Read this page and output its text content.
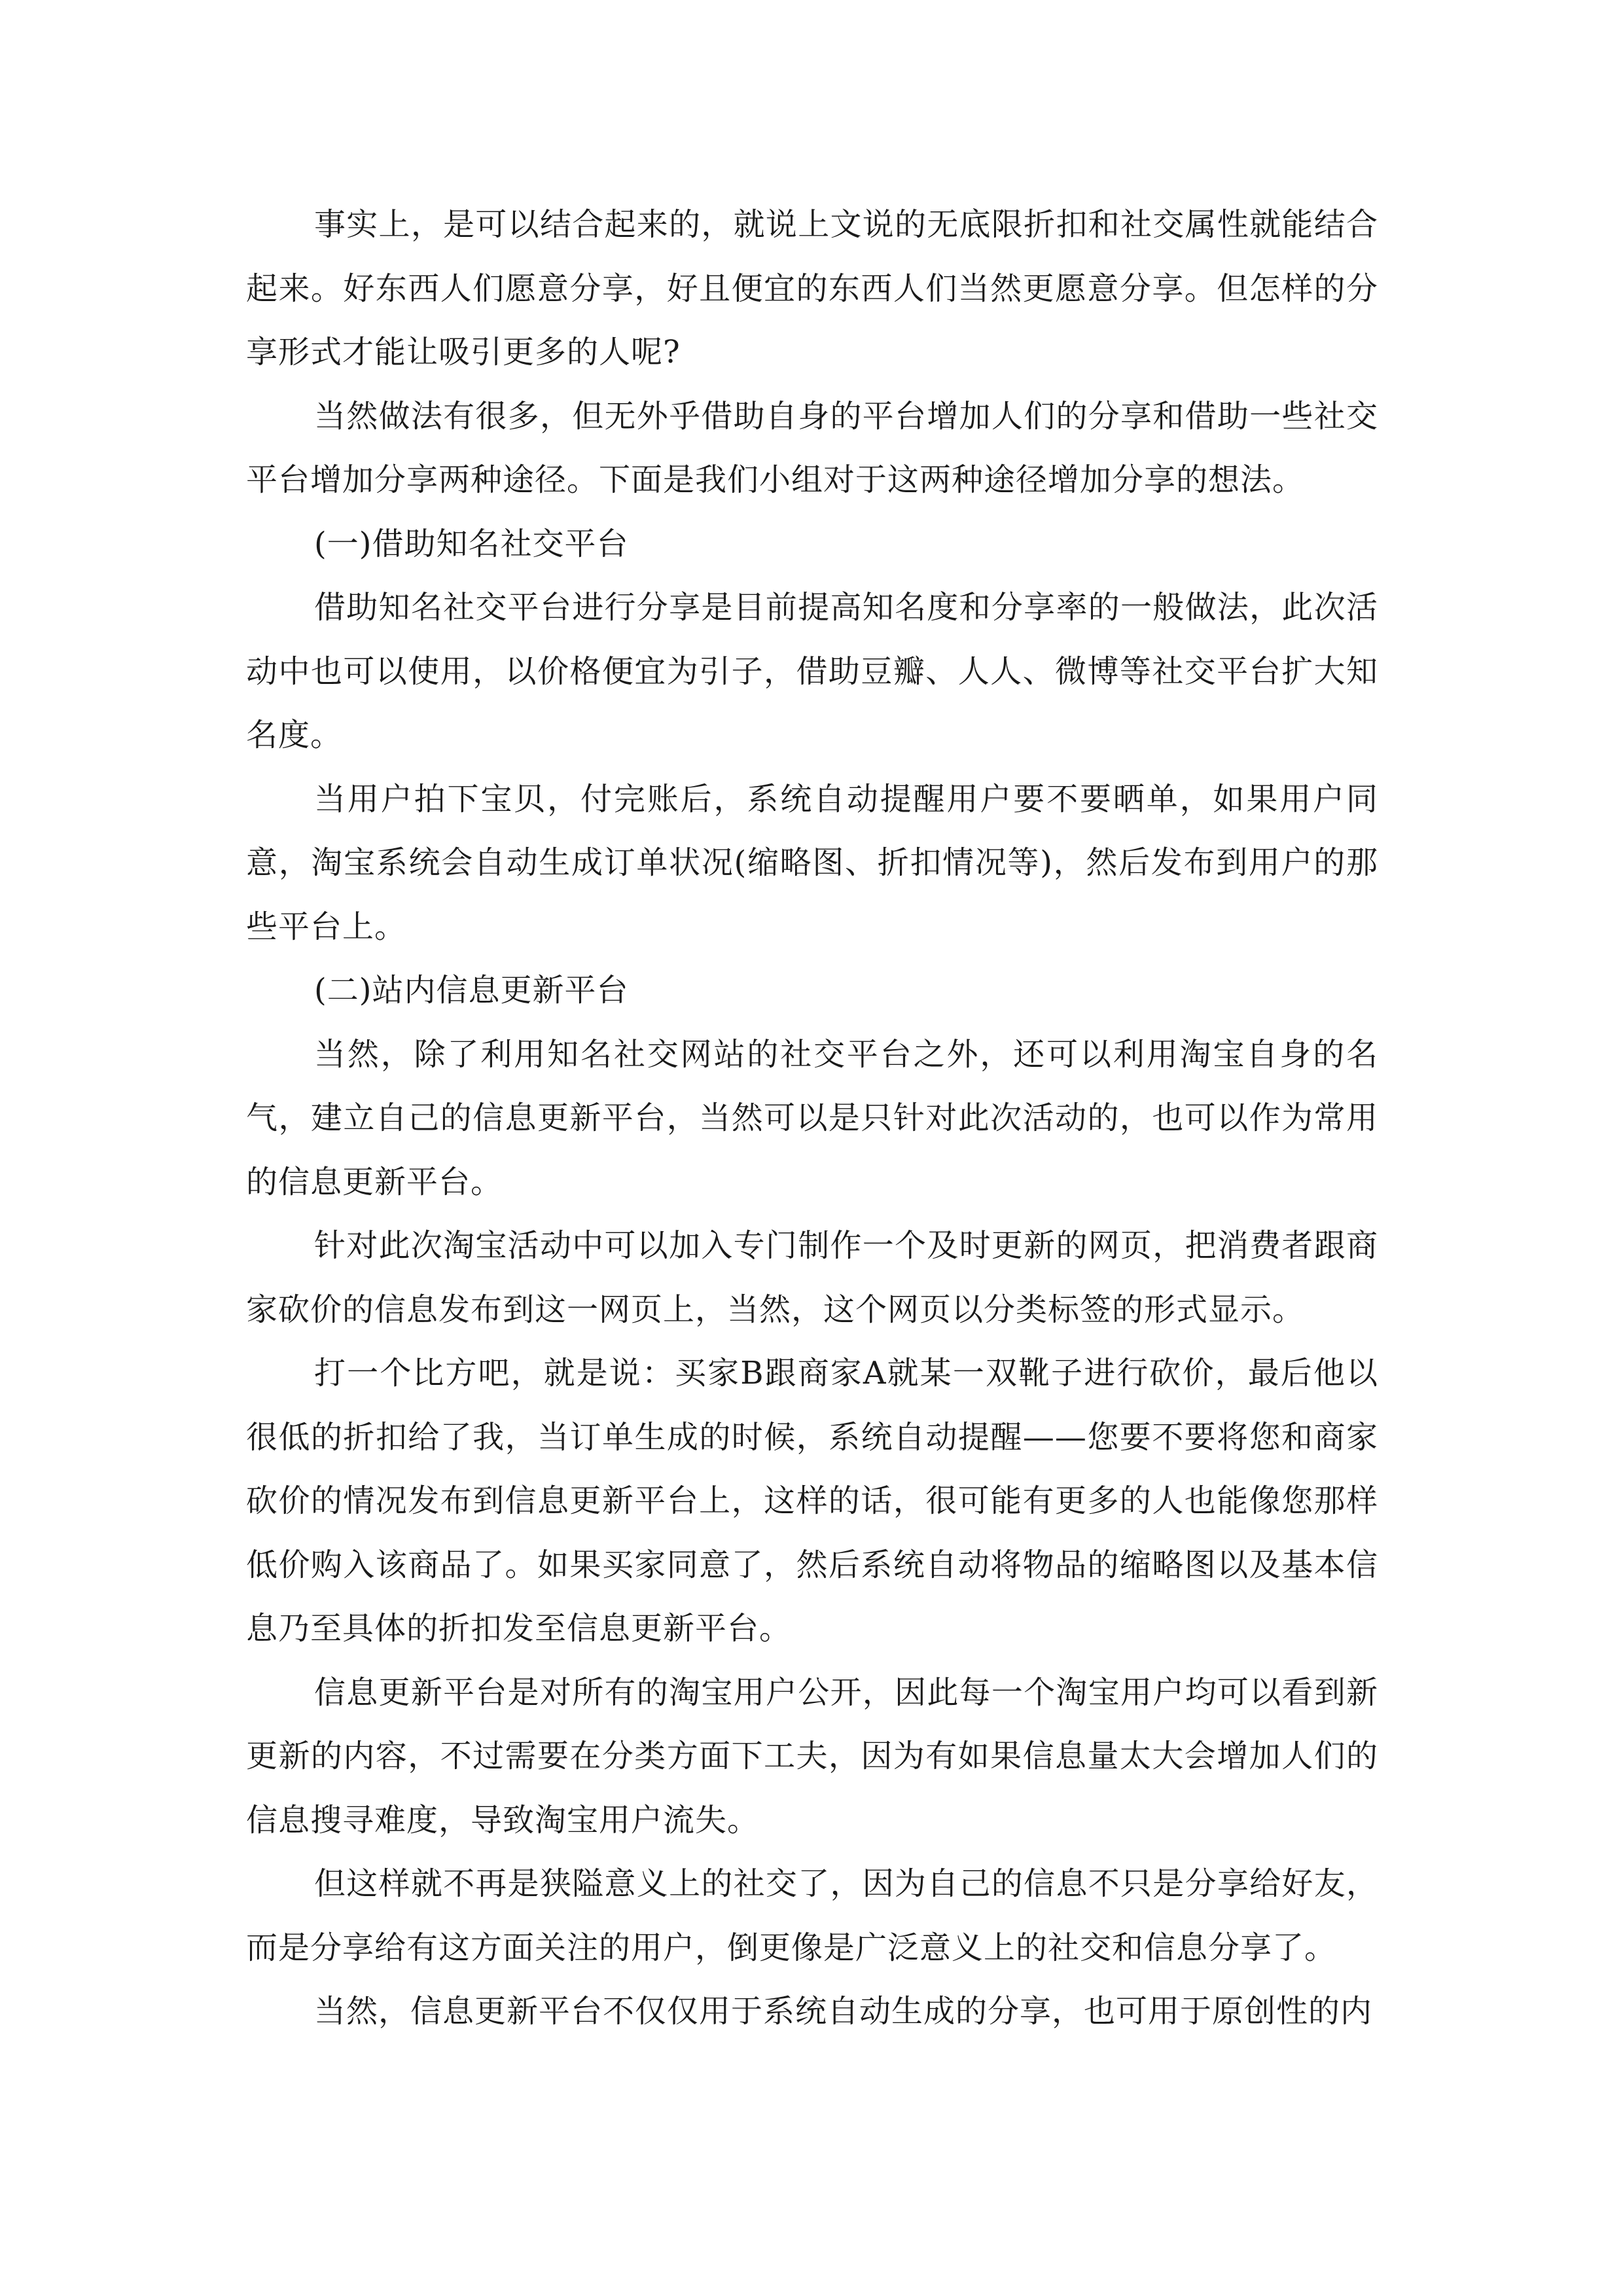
事实上，是可以结合起来的，就说上文说的无底限折扣和社交属性就能结合起来。好东西人们愿意分享，好且便宜的东西人们当然更愿意分享。但怎样的分享形式才能让吸引更多的人呢?

当然做法有很多，但无外乎借助自身的平台增加人们的分享和借助一些社交平台增加分享两种途径。下面是我们小组对于这两种途径增加分享的想法。

(一)借助知名社交平台

借助知名社交平台进行分享是目前提高知名度和分享率的一般做法，此次活动中也可以使用，以价格便宜为引子，借助豆瓣、人人、微博等社交平台扩大知名度。

当用户拍下宝贝，付完账后，系统自动提醒用户要不要晒单，如果用户同意，淘宝系统会自动生成订单状况(缩略图、折扣情况等)，然后发布到用户的那些平台上。

(二)站内信息更新平台

当然，除了利用知名社交网站的社交平台之外，还可以利用淘宝自身的名气，建立自己的信息更新平台，当然可以是只针对此次活动的，也可以作为常用的信息更新平台。

针对此次淘宝活动中可以加入专门制作一个及时更新的网页，把消费者跟商家砍价的信息发布到这一网页上，当然，这个网页以分类标签的形式显示。

打一个比方吧，就是说：买家B跟商家A就某一双靴子进行砍价，最后他以很低的折扣给了我，当订单生成的时候，系统自动提醒——您要不要将您和商家砍价的情况发布到信息更新平台上，这样的话，很可能有更多的人也能像您那样低价购入该商品了。如果买家同意了，然后系统自动将物品的缩略图以及基本信息乃至具体的折扣发至信息更新平台。

信息更新平台是对所有的淘宝用户公开，因此每一个淘宝用户均可以看到新更新的内容，不过需要在分类方面下工夫，因为有如果信息量太大会增加人们的信息搜寻难度，导致淘宝用户流失。

但这样就不再是狭隘意义上的社交了，因为自己的信息不只是分享给好友，而是分享给有这方面关注的用户，倒更像是广泛意义上的社交和信息分享了。

当然，信息更新平台不仅仅用于系统自动生成的分享，也可用于原创性的内
